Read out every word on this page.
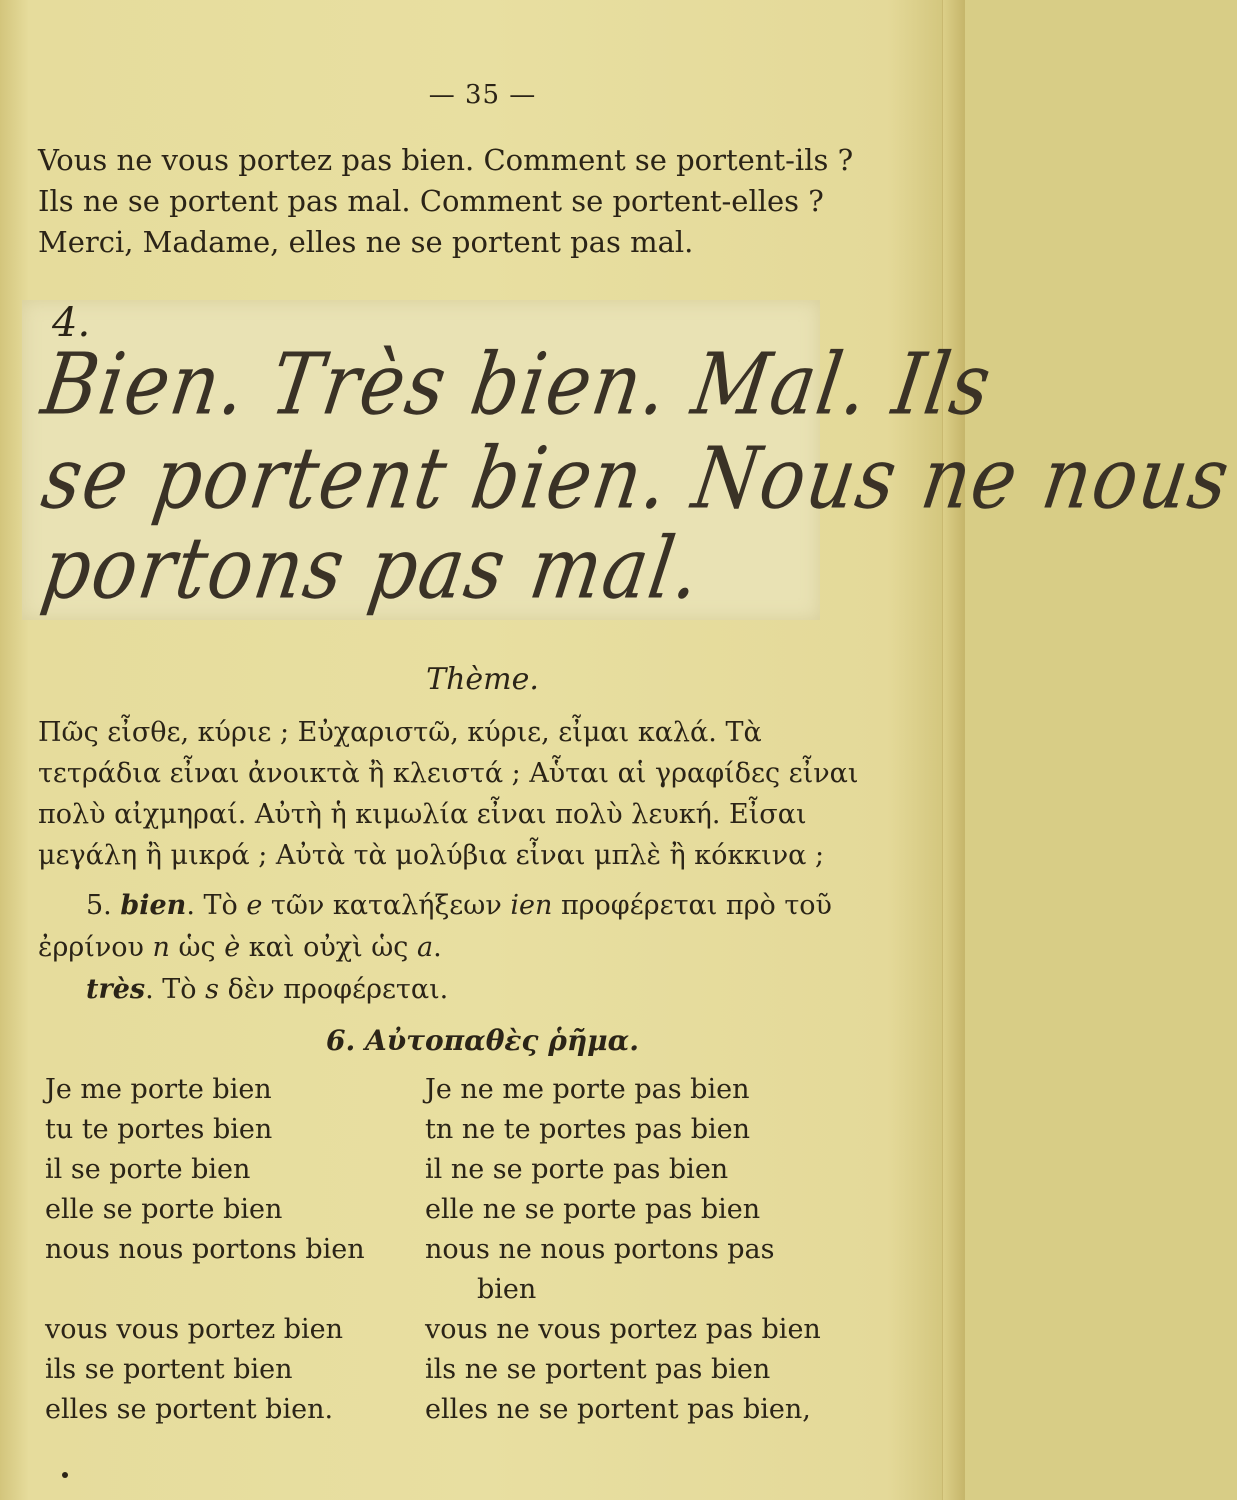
— 35 —
Vous ne vous portez pas bien. Comment se portent-ils ?
Ils ne se portent pas mal. Comment se portent-elles ?
Merci, Madame, elles ne se portent pas mal.
4.
Bien. Très bien. Mal. Ils
se portent bien. Nous ne nous
portons pas mal.
Thème.
Πῶς εἶσθε, κύριε ; Εὐχαριστῶ, κύριε, εἶμαι καλά. Τὰ
τετράδια εἶναι ἀνοικτὰ ἢ κλειστά ; Αὗται αἱ γραφίδες εἶναι
πολὺ αἰχμηραί. Αὐτὴ ἡ κιμωλία εἶναι πολὺ λευκή. Εἶσαι
μεγάλη ἢ μικρά ; Αὐτὰ τὰ μολύβια εἶναι μπλὲ ἢ κόκκινα ;
5. bien. Τὸ e τῶν καταλήξεων ien προφέρεται πρὸ τοῦ
ἐρρίνου n ὡς è καὶ οὐχὶ ὡς a.
très. Τὸ s δὲν προφέρεται.
6. Αὐτοπαθὲς ῥῆμα.
Je me porte bien
tu te portes bien
il se porte bien
elle se porte bien
nous nous portons bien
vous vous portez bien
ils se portent bien
elles se portent bien.
Je ne me porte pas bien
tn ne te portes pas bien
il ne se porte pas bien
elle ne se porte pas bien
nous ne nous portons pas
bien
vous ne vous portez pas bien
ils ne se portent pas bien
elles ne se portent pas bien,
